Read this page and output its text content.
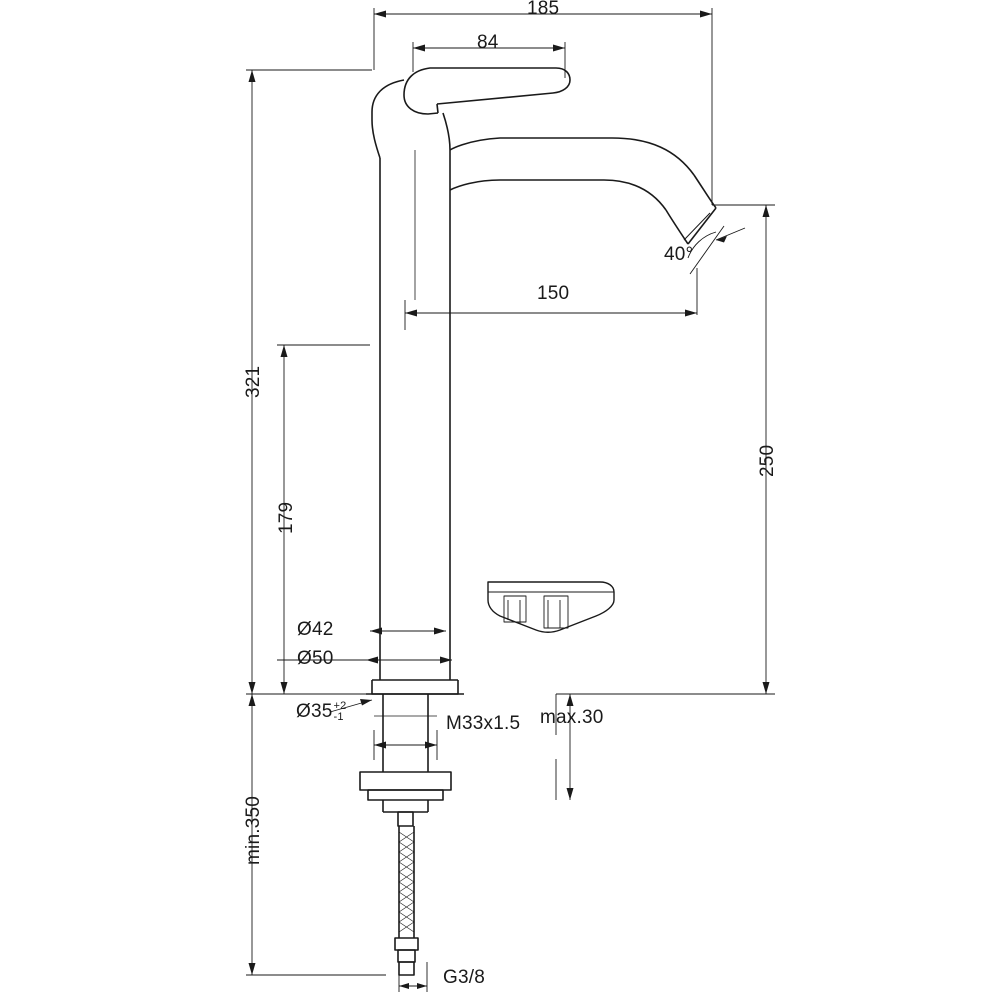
185
84
150
40°
321
179
250
min.350
Ø42
Ø50
Ø35+2
-1	M33x1.5 max.30
G3/8
